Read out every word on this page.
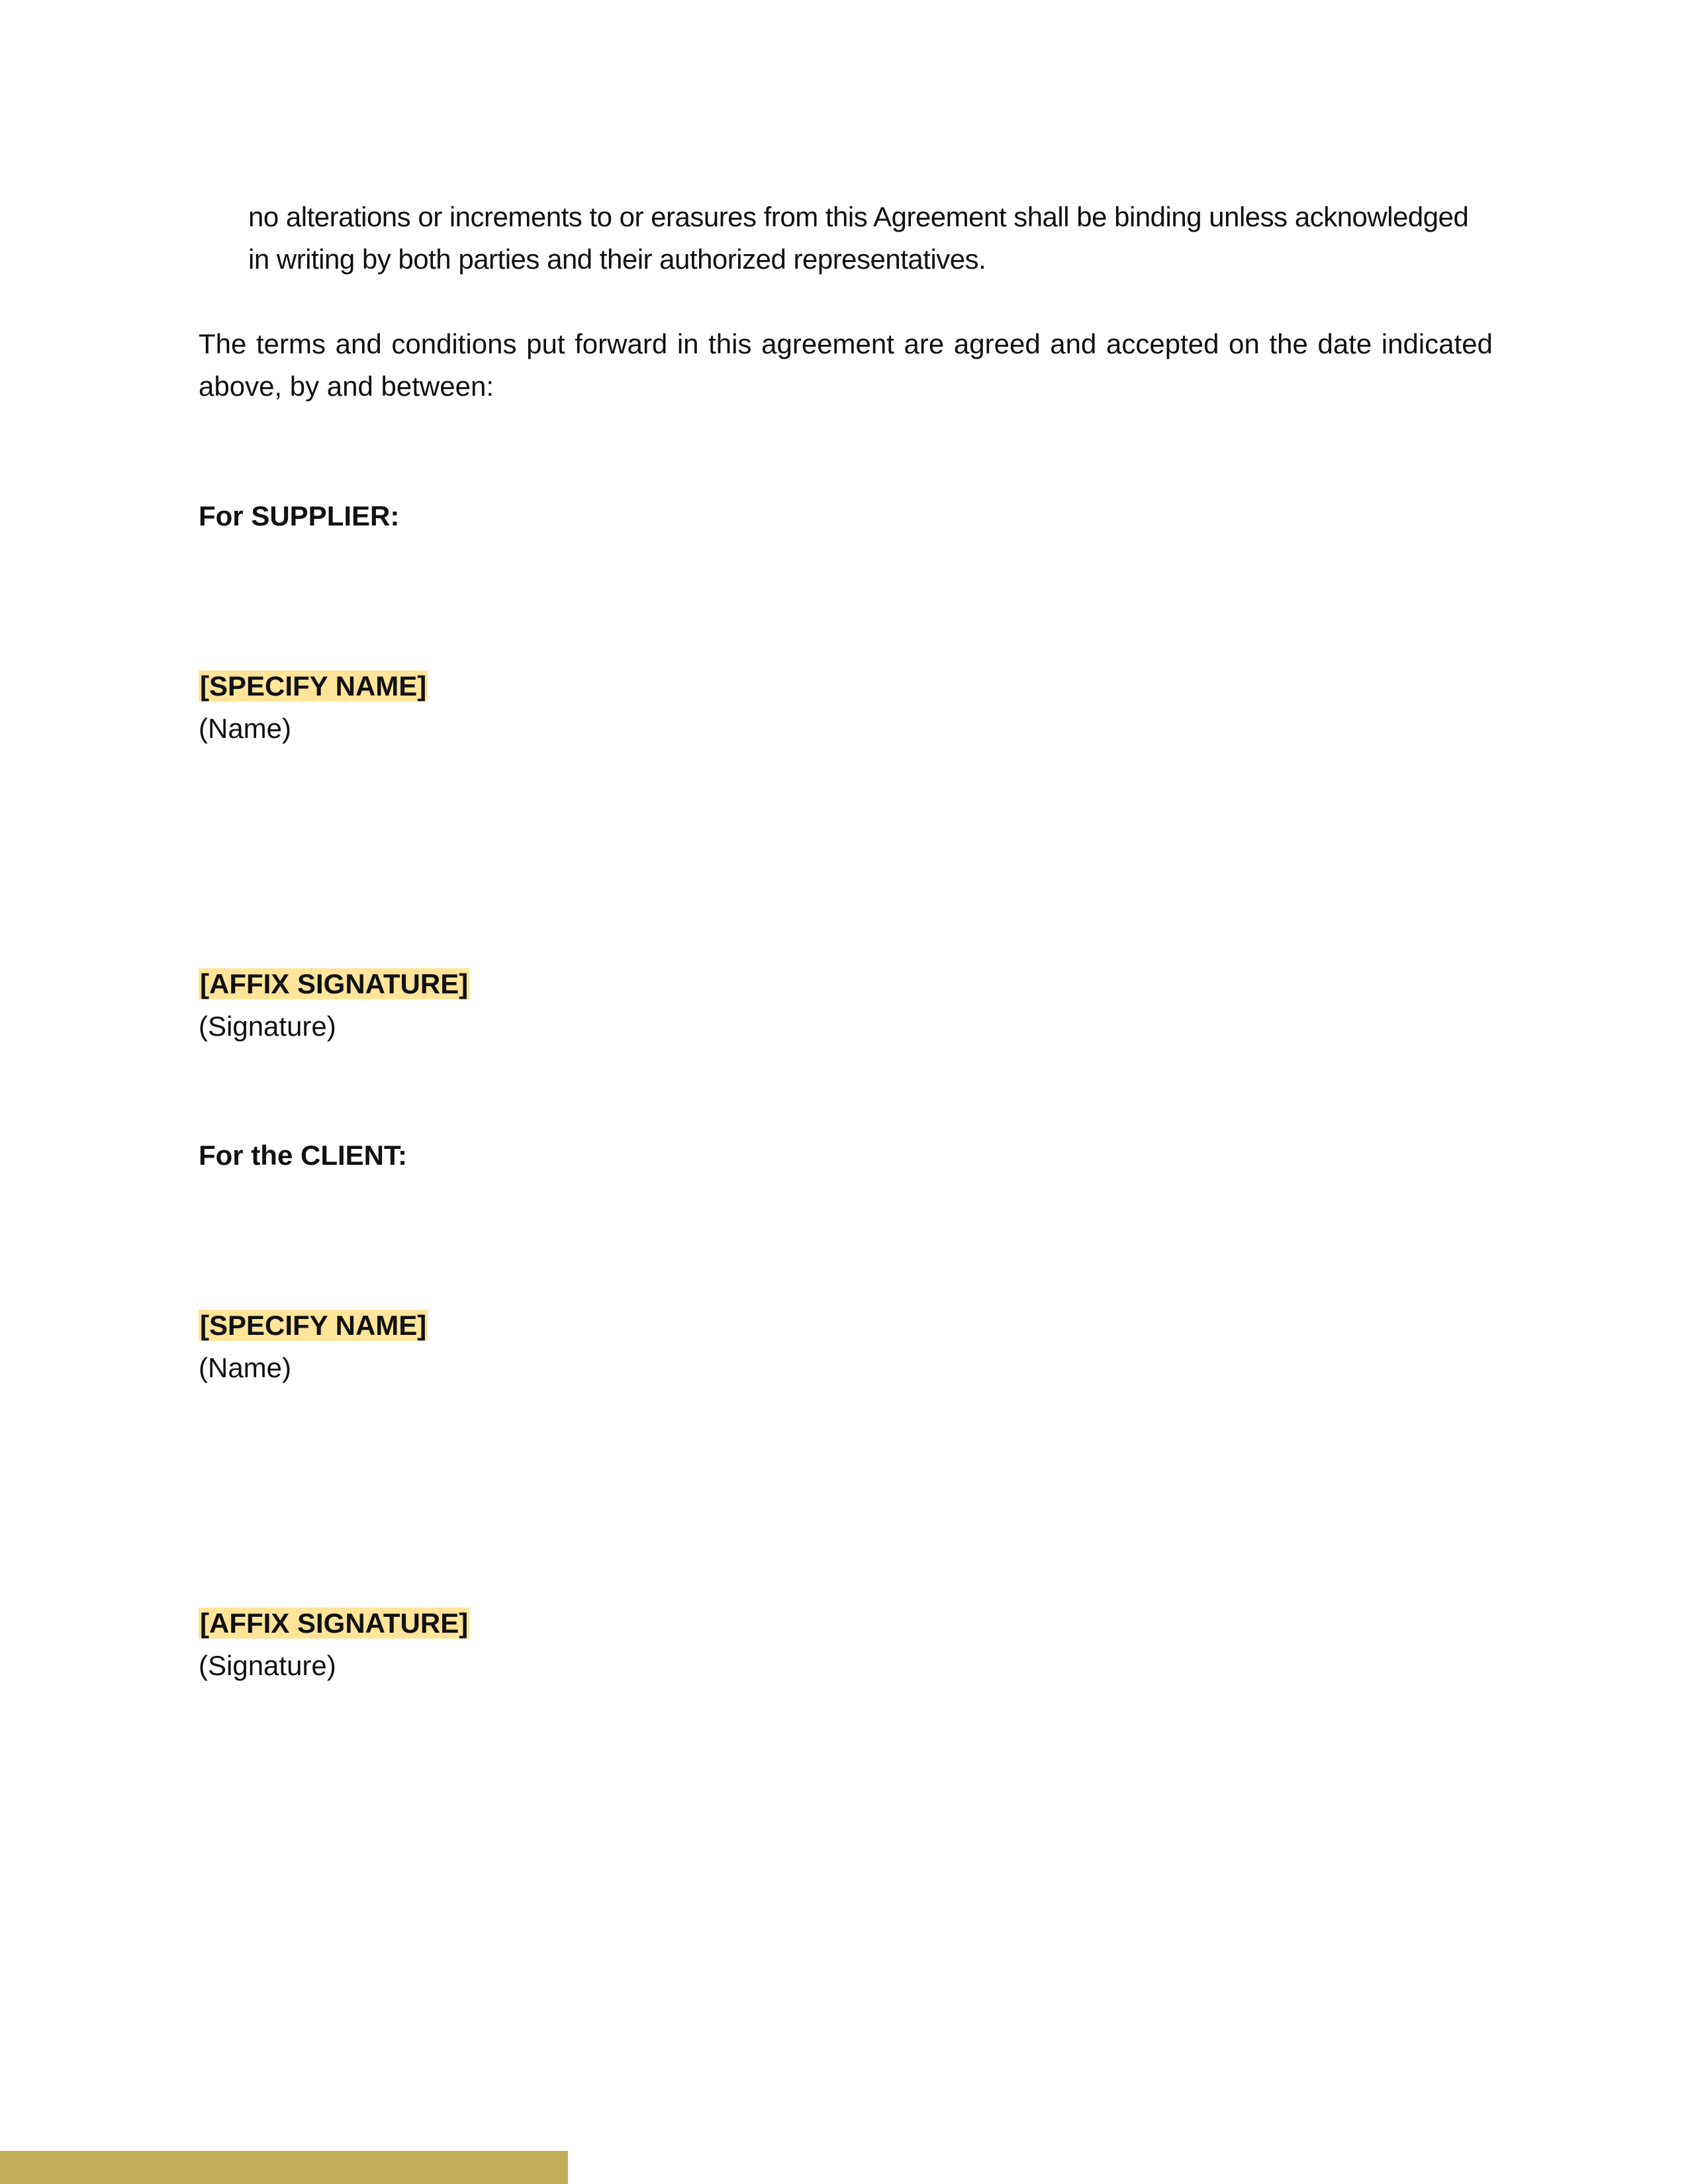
no alterations or increments to or erasures from this Agreement shall be binding unless acknowledged in writing by both parties and their authorized representatives.

The terms and conditions put forward in this agreement are agreed and accepted on the date indicated above, by and between:

For SUPPLIER:

[SPECIFY NAME]

(Name)

[AFFIX SIGNATURE]

(Signature)

For the CLIENT:

[SPECIFY NAME]

(Name)

[AFFIX SIGNATURE]

(Signature)
